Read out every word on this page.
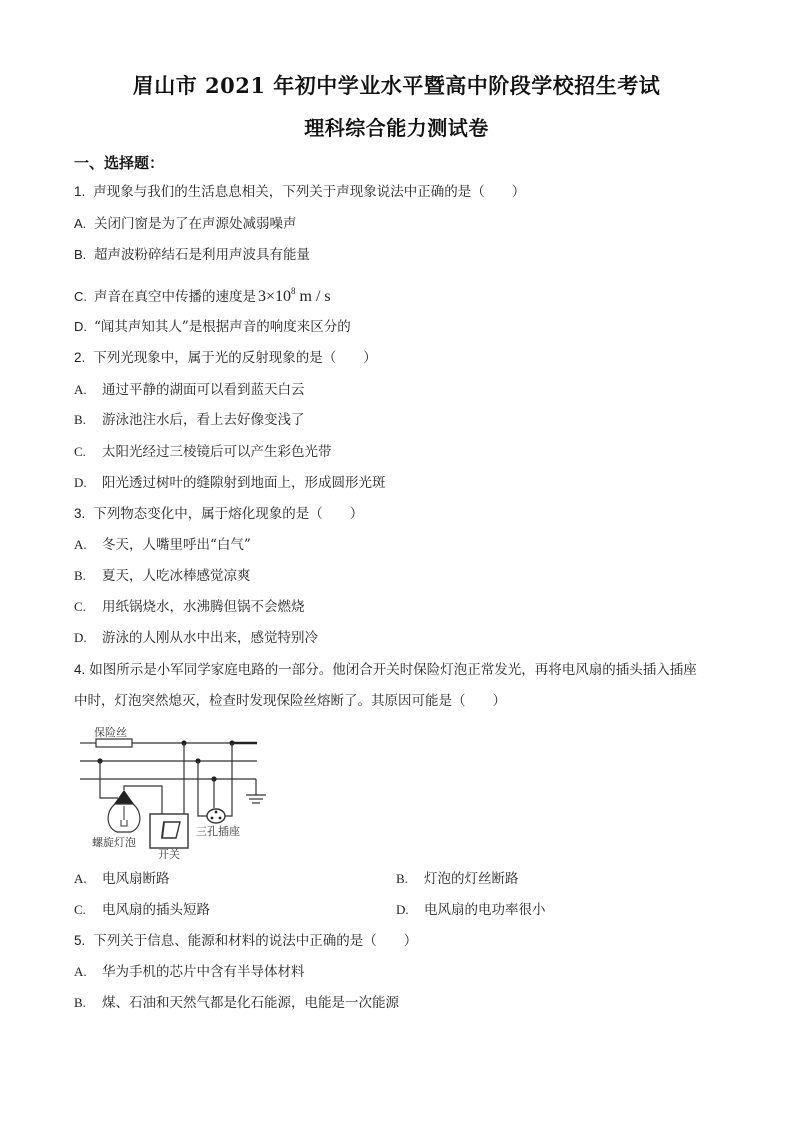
眉山市 2021 年初中学业水平暨高中阶段学校招生考试
理科综合能力测试卷
一、选择题：
1. 声现象与我们的生活息息相关，下列关于声现象说法中正确的是（　　）
A. 关闭门窗是为了在声源处减弱噪声
B. 超声波粉碎结石是利用声波具有能量
C. 声音在真空中传播的速度是 $3\times 10^8$ m / s
D. “闻其声知其人”是根据声音的响度来区分的
2. 下列光现象中，属于光的反射现象的是（　　）
A. 通过平静的湖面可以看到蓝天白云
B. 游泳池注水后，看上去好像变浅了
C. 太阳光经过三棱镜后可以产生彩色光带
D. 阳光透过树叶的缝隙射到地面上，形成圆形光斑
3. 下列物态变化中，属于熔化现象的是（　　）
A. 冬天，人嘴里呼出“白气”
B. 夏天，人吃冰棒感觉凉爽
C. 用纸锅烧水，水沸腾但锅不会燃烧
D. 游泳的人刚从水中出来，感觉特别冷
4. 如图所示是小军同学家庭电路的一部分。他闭合开关时保险灯泡正常发光，再将电风扇的插头插入插座
中时，灯泡突然熄灭，检查时发现保险丝熔断了。其原因可能是（　　）
保险丝
螺旋灯泡
开关
三孔插座
A. 电风扇断路	B. 灯泡的灯丝断路
C. 电风扇的插头短路	D. 电风扇的电功率很小
5. 下列关于信息、能源和材料的说法中正确的是（　　）
A. 华为手机的芯片中含有半导体材料
B. 煤、石油和天然气都是化石能源，电能是一次能源
